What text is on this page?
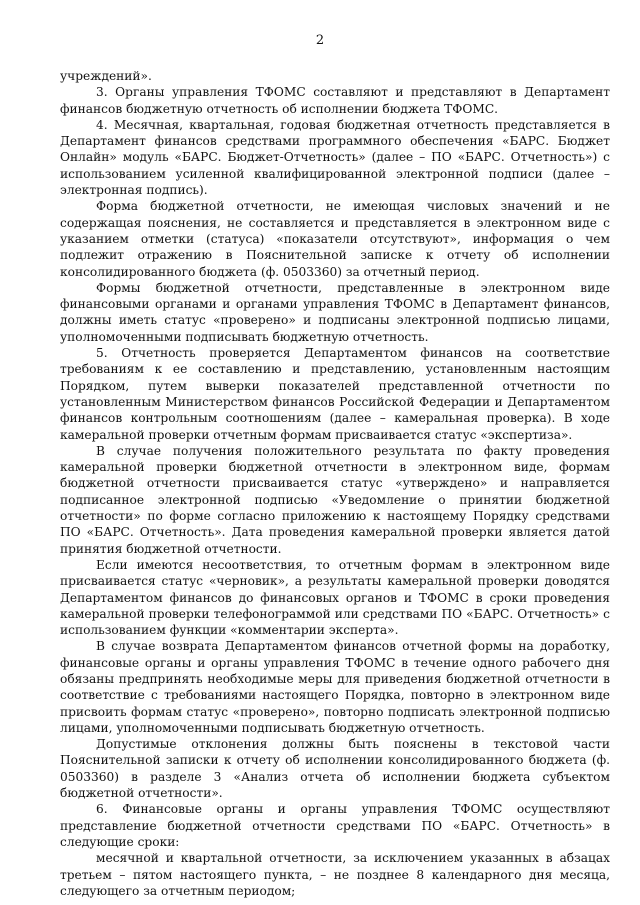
2

учреждений».

3. Органы управления ТФОМС составляют и представляют в Департамент финансов бюджетную отчетность об исполнении бюджета ТФОМС.

4. Месячная, квартальная, годовая бюджетная отчетность представляется в Департамент финансов средствами программного обеспечения «БАРС. Бюджет Онлайн» модуль «БАРС. Бюджет-Отчетность» (далее – ПО «БАРС. Отчетность») с использованием усиленной квалифицированной электронной подписи (далее – электронная подпись).

Форма бюджетной отчетности, не имеющая числовых значений и не содержащая пояснения, не составляется и представляется в электронном виде с указанием отметки (статуса) «показатели отсутствуют», информация о чем подлежит отражению в Пояснительной записке к отчету об исполнении консолидированного бюджета (ф. 0503360) за отчетный период.

Формы бюджетной отчетности, представленные в электронном виде финансовыми органами и органами управления ТФОМС в Департамент финансов, должны иметь статус «проверено» и подписаны электронной подписью лицами, уполномоченными подписывать бюджетную отчетность.

5. Отчетность проверяется Департаментом финансов на соответствие требованиям к ее составлению и представлению, установленным настоящим Порядком, путем выверки показателей представленной отчетности по установленным Министерством финансов Российской Федерации и Департаментом финансов контрольным соотношениям (далее – камеральная проверка). В ходе камеральной проверки отчетным формам присваивается статус «экспертиза».

В случае получения положительного результата по факту проведения камеральной проверки бюджетной отчетности в электронном виде, формам бюджетной отчетности присваивается статус «утверждено» и направляется подписанное электронной подписью «Уведомление о принятии бюджетной отчетности» по форме согласно приложению к настоящему Порядку средствами ПО «БАРС. Отчетность». Дата проведения камеральной проверки является датой принятия бюджетной отчетности.

Если имеются несоответствия, то отчетным формам в электронном виде присваивается статус «черновик», а результаты камеральной проверки доводятся Департаментом финансов до финансовых органов и ТФОМС в сроки проведения камеральной проверки телефонограммой или средствами ПО «БАРС. Отчетность» с использованием функции «комментарии эксперта».

В случае возврата Департаментом финансов отчетной формы на доработку, финансовые органы и органы управления ТФОМС в течение одного рабочего дня обязаны предпринять необходимые меры для приведения бюджетной отчетности в соответствие с требованиями настоящего Порядка, повторно в электронном виде присвоить формам статус «проверено», повторно подписать электронной подписью лицами, уполномоченными подписывать бюджетную отчетность.

Допустимые отклонения должны быть пояснены в текстовой части Пояснительной записки к отчету об исполнении консолидированного бюджета (ф. 0503360) в разделе 3 «Анализ отчета об исполнении бюджета субъектом бюджетной отчетности».

6. Финансовые органы и органы управления ТФОМС осуществляют представление бюджетной отчетности средствами ПО «БАРС. Отчетность» в следующие сроки:

месячной и квартальной отчетности, за исключением указанных в абзацах третьем – пятом настоящего пункта, – не позднее 8 календарного дня месяца, следующего за отчетным периодом;
